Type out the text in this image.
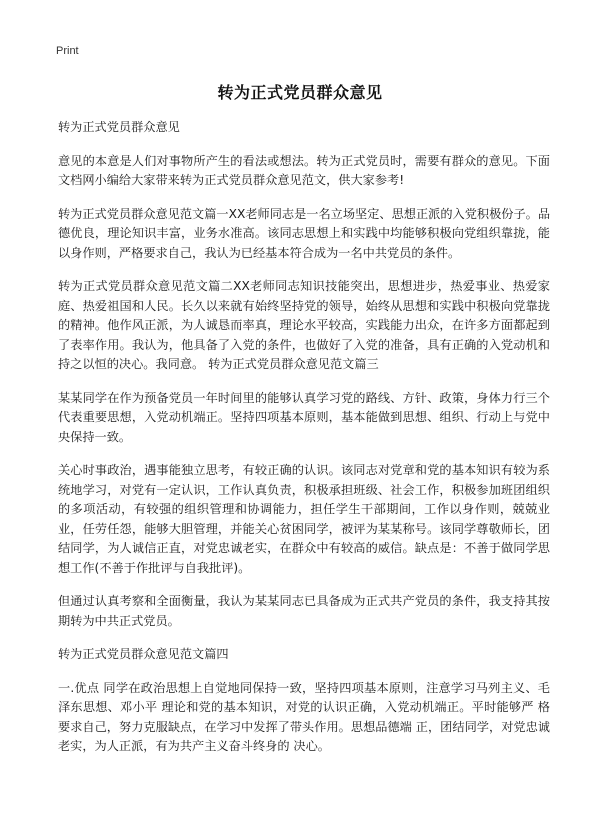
Print
转为正式党员群众意见

转为正式党员群众意见

意见的本意是人们对事物所产生的看法或想法。转为正式党员时，需要有群众的意见。下面文档网小编给大家带来转为正式党员群众意见范文，供大家参考!

转为正式党员群众意见范文篇一XX老师同志是一名立场坚定、思想正派的入党积极份子。品德优良，理论知识丰富，业务水准高。该同志思想上和实践中均能够积极向党组织靠拢，能以身作则，严格要求自己，我认为已经基本符合成为一名中共党员的条件。

转为正式党员群众意见范文篇二XX老师同志知识技能突出，思想进步，热爱事业、热爱家庭、热爱祖国和人民。长久以来就有始终坚持党的领导，始终从思想和实践中积极向党靠拢的精神。他作风正派，为人诚恳而率真，理论水平较高，实践能力出众，在许多方面都起到了表率作用。我认为，他具备了入党的条件，也做好了入党的准备，具有正确的入党动机和持之以恒的决心。我同意。 转为正式党员群众意见范文篇三

某某同学在作为预备党员一年时间里的能够认真学习党的路线、方针、政策，身体力行三个代表重要思想，入党动机端正。坚持四项基本原则，基本能做到思想、组织、行动上与党中央保持一致。

关心时事政治，遇事能独立思考，有较正确的认识。该同志对党章和党的基本知识有较为系统地学习，对党有一定认识，工作认真负责，积极承担班级、社会工作，积极参加班团组织的多项活动，有较强的组织管理和协调能力，担任学生干部期间，工作以身作则，兢兢业业，任劳任怨，能够大胆管理，并能关心贫困同学，被评为某某称号。该同学尊敬师长，团结同学，为人诚信正直，对党忠诚老实，在群众中有较高的威信。缺点是：不善于做同学思想工作(不善于作批评与自我批评)。

但通过认真考察和全面衡量，我认为某某同志已具备成为正式共产党员的条件，我支持其按期转为中共正式党员。

转为正式党员群众意见范文篇四

一.优点 同学在政治思想上自觉地同保持一致，坚持四项基本原则，注意学习马列主义、毛泽东思想、邓小平 理论和党的基本知识，对党的认识正确，入党动机端正。平时能够严 格要求自己，努力克服缺点，在学习中发挥了带头作用。思想品德端 正，团结同学，对党忠诚老实，为人正派，有为共产主义奋斗终身的 决心。
